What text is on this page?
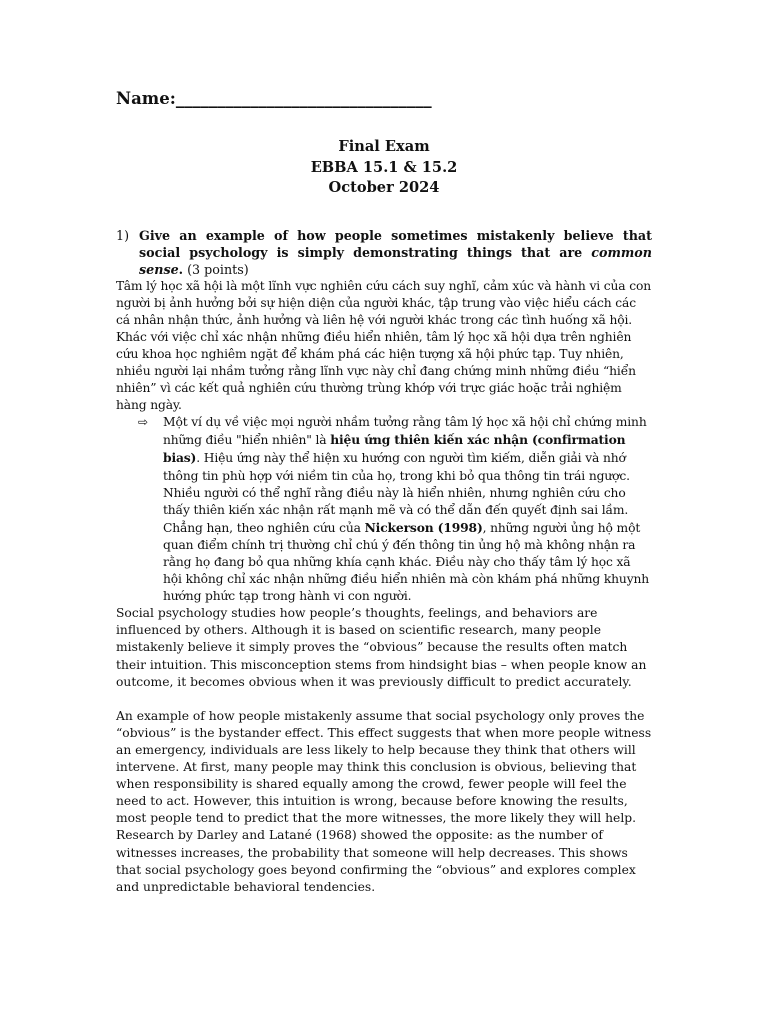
Name:_______________________________
Final Exam
EBBA 15.1 & 15.2
October 2024
1) Give an example of how people sometimes mistakenly believe that social psychology is simply demonstrating things that are common sense. (3 points)

Tâm lý học xã hội là một lĩnh vực nghiên cứu cách suy nghĩ, cảm xúc và hành vi của con người bị ảnh hưởng bởi sự hiện diện của người khác, tập trung vào việc hiểu cách các cá nhân nhận thức, ảnh hưởng và liên hệ với người khác trong các tình huống xã hội. Khác với việc chỉ xác nhận những điều hiển nhiên, tâm lý học xã hội dựa trên nghiên cứu khoa học nghiêm ngặt để khám phá các hiện tượng xã hội phức tạp. Tuy nhiên, nhiều người lại nhầm tưởng rằng lĩnh vực này chỉ đang chứng minh những điều “hiển nhiên” vì các kết quả nghiên cứu thường trùng khớp với trực giác hoặc trải nghiệm hàng ngày.

⇨	Một ví dụ về việc mọi người nhầm tưởng rằng tâm lý học xã hội chỉ chứng minh những điều "hiển nhiên" là hiệu ứng thiên kiến xác nhận (confirmation bias). Hiệu ứng này thể hiện xu hướng con người tìm kiếm, diễn giải và nhớ thông tin phù hợp với niềm tin của họ, trong khi bỏ qua thông tin trái ngược. Nhiều người có thể nghĩ rằng điều này là hiển nhiên, nhưng nghiên cứu cho thấy thiên kiến xác nhận rất mạnh mẽ và có thể dẫn đến quyết định sai lầm. Chẳng hạn, theo nghiên cứu của Nickerson (1998), những người ủng hộ một quan điểm chính trị thường chỉ chú ý đến thông tin ủng hộ mà không nhận ra rằng họ đang bỏ qua những khía cạnh khác. Điều này cho thấy tâm lý học xã hội không chỉ xác nhận những điều hiển nhiên mà còn khám phá những khuynh hướng phức tạp trong hành vi con người.

Social psychology studies how people’s thoughts, feelings, and behaviors are influenced by others. Although it is based on scientific research, many people mistakenly believe it simply proves the “obvious” because the results often match their intuition. This misconception stems from hindsight bias – when people know an outcome, it becomes obvious when it was previously difficult to predict accurately.

An example of how people mistakenly assume that social psychology only proves the “obvious” is the bystander effect. This effect suggests that when more people witness an emergency, individuals are less likely to help because they think that others will intervene. At first, many people may think this conclusion is obvious, believing that when responsibility is shared equally among the crowd, fewer people will feel the need to act. However, this intuition is wrong, because before knowing the results, most people tend to predict that the more witnesses, the more likely they will help. Research by Darley and Latané (1968) showed the opposite: as the number of witnesses increases, the probability that someone will help decreases. This shows that social psychology goes beyond confirming the “obvious” and explores complex and unpredictable behavioral tendencies.
